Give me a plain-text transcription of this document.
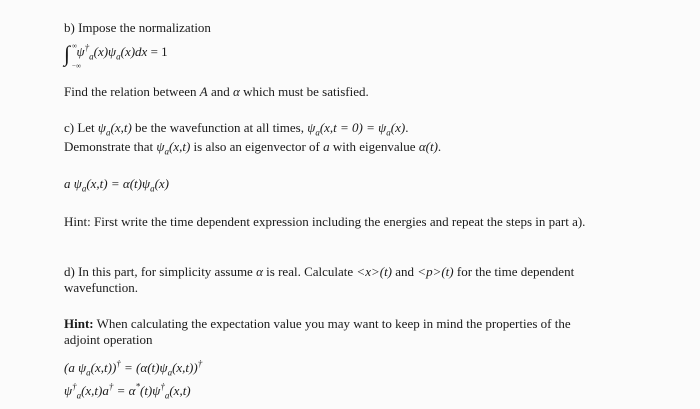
b) Impose the normalization
∫ ∞
−∞
$\psi^\dagger_a(x)\psi_a(x)dx = 1$
Find the relation between A and α which must be satisfied.
c) Let $\psi_a(x,t)$ be the wavefunction at all times, $\psi_a(x,t = 0) = \psi_a(x)$.
Demonstrate that $\psi_a(x,t)$ is also an eigenvector of a with eigenvalue α(t).
a $\psi_a(x,t) = \alpha(t)\psi_a(x)$
Hint: First write the time dependent expression including the energies and repeat the steps in part a).
d) In this part, for simplicity assume α is real. Calculate <x>(t) and <p>(t) for the time dependent wavefunction.
Hint: When calculating the expectation value you may want to keep in mind the properties of the adjoint operation
(a $\psi_a(x,t))^\dagger = (\alpha(t)\psi_a(x,t))^\dagger$
$\psi^\dagger_a(x,t)a^\dagger = \alpha^*(t)\psi^\dagger_a(x,t)$
